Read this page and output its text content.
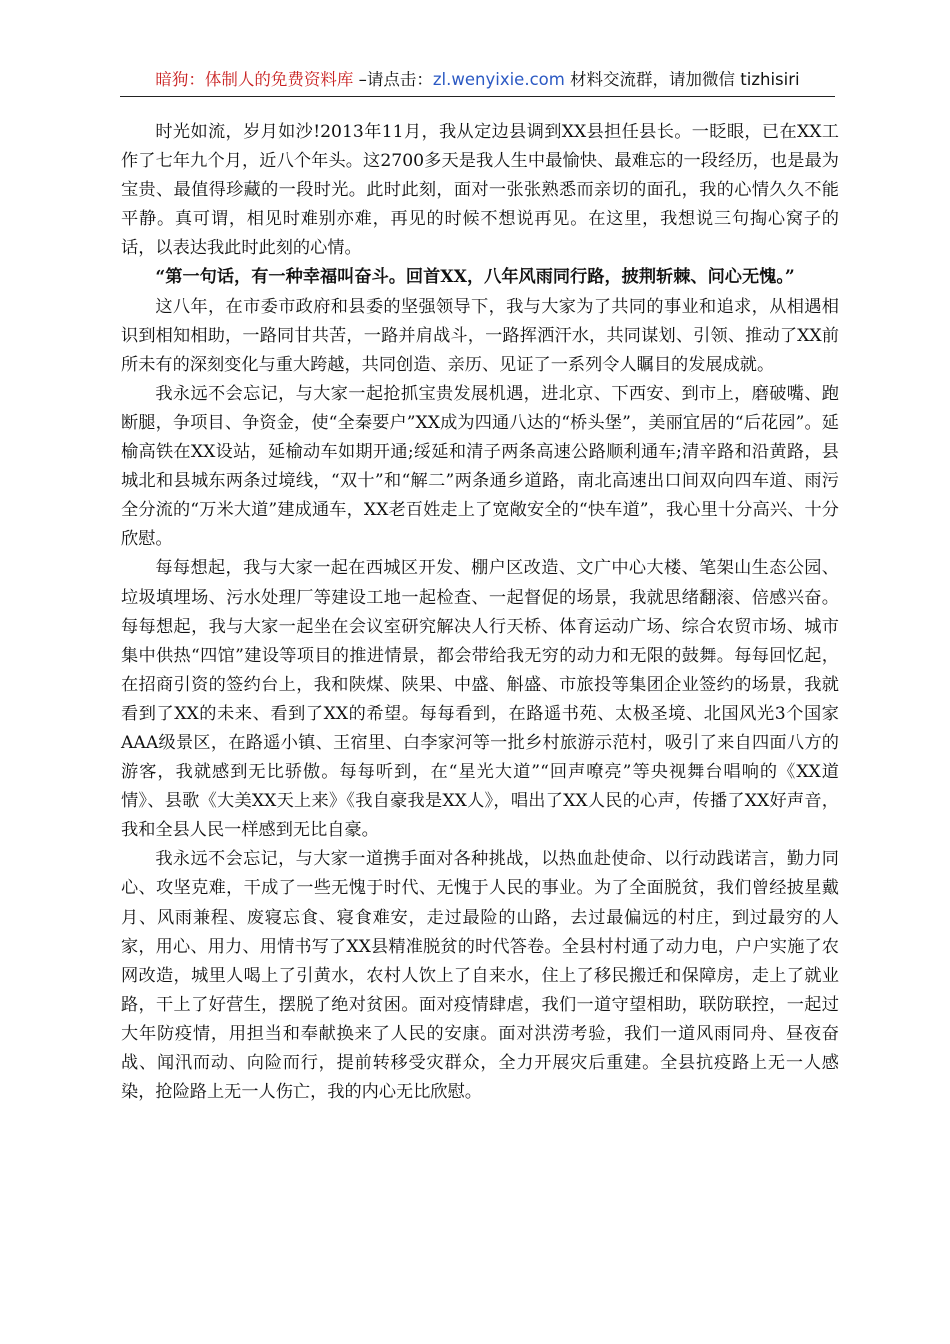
暗狗：体制人的免费资料库 –请点击：zl.wenyixie.com 材料交流群，请加微信 tizhisiri

时光如流，岁月如沙!2013年11月，我从定边县调到XX县担任县长。一眨眼，已在XX工作了七年九个月，近八个年头。这2700多天是我人生中最愉快、最难忘的一段经历，也是最为宝贵、最值得珍藏的一段时光。此时此刻，面对一张张熟悉而亲切的面孔，我的心情久久不能平静。真可谓，相见时难别亦难，再见的时候不想说再见。在这里，我想说三句掏心窝子的话，以表达我此时此刻的心情。

“第一句话，有一种幸福叫奋斗。回首XX，八年风雨同行路，披荆斩棘、问心无愧。”

这八年，在市委市政府和县委的坚强领导下，我与大家为了共同的事业和追求，从相遇相识到相知相助，一路同甘共苦，一路并肩战斗，一路挥洒汗水，共同谋划、引领、推动了XX前所未有的深刻变化与重大跨越，共同创造、亲历、见证了一系列令人瞩目的发展成就。

我永远不会忘记，与大家一起抢抓宝贵发展机遇，进北京、下西安、到市上，磨破嘴、跑断腿，争项目、争资金，使“全秦要户”XX成为四通八达的“桥头堡”，美丽宜居的“后花园”。延榆高铁在XX设站，延榆动车如期开通;绥延和清子两条高速公路顺利通车;清辛路和沿黄路，县城北和县城东两条过境线，“双十”和“解二”两条通乡道路，南北高速出口间双向四车道、雨污全分流的“万米大道”建成通车，XX老百姓走上了宽敞安全的“快车道”，我心里十分高兴、十分欣慰。

每每想起，我与大家一起在西城区开发、棚户区改造、文广中心大楼、笔架山生态公园、垃圾填埋场、污水处理厂等建设工地一起检查、一起督促的场景，我就思绪翻滚、倍感兴奋。每每想起，我与大家一起坐在会议室研究解决人行天桥、体育运动广场、综合农贸市场、城市集中供热“四馆”建设等项目的推进情景，都会带给我无穷的动力和无限的鼓舞。每每回忆起，在招商引资的签约台上，我和陕煤、陕果、中盛、斛盛、市旅投等集团企业签约的场景，我就看到了XX的未来、看到了XX的希望。每每看到，在路遥书苑、太极圣境、北国风光3个国家AAA级景区，在路遥小镇、王宿里、白李家河等一批乡村旅游示范村，吸引了来自四面八方的游客，我就感到无比骄傲。每每听到，在“星光大道”“回声嘹亮”等央视舞台唱响的《XX道情》、县歌《大美XX天上来》《我自豪我是XX人》，唱出了XX人民的心声，传播了XX好声音，我和全县人民一样感到无比自豪。

我永远不会忘记，与大家一道携手面对各种挑战，以热血赴使命、以行动践诺言，勤力同心、攻坚克难，干成了一些无愧于时代、无愧于人民的事业。为了全面脱贫，我们曾经披星戴月、风雨兼程、废寝忘食、寝食难安，走过最险的山路，去过最偏远的村庄，到过最穷的人家，用心、用力、用情书写了XX县精准脱贫的时代答卷。全县村村通了动力电，户户实施了农网改造，城里人喝上了引黄水，农村人饮上了自来水，住上了移民搬迁和保障房，走上了就业路，干上了好营生，摆脱了绝对贫困。面对疫情肆虐，我们一道守望相助，联防联控，一起过大年防疫情，用担当和奉献换来了人民的安康。面对洪涝考验，我们一道风雨同舟、昼夜奋战、闻汛而动、向险而行，提前转移受灾群众，全力开展灾后重建。全县抗疫路上无一人感染，抢险路上无一人伤亡，我的内心无比欣慰。
